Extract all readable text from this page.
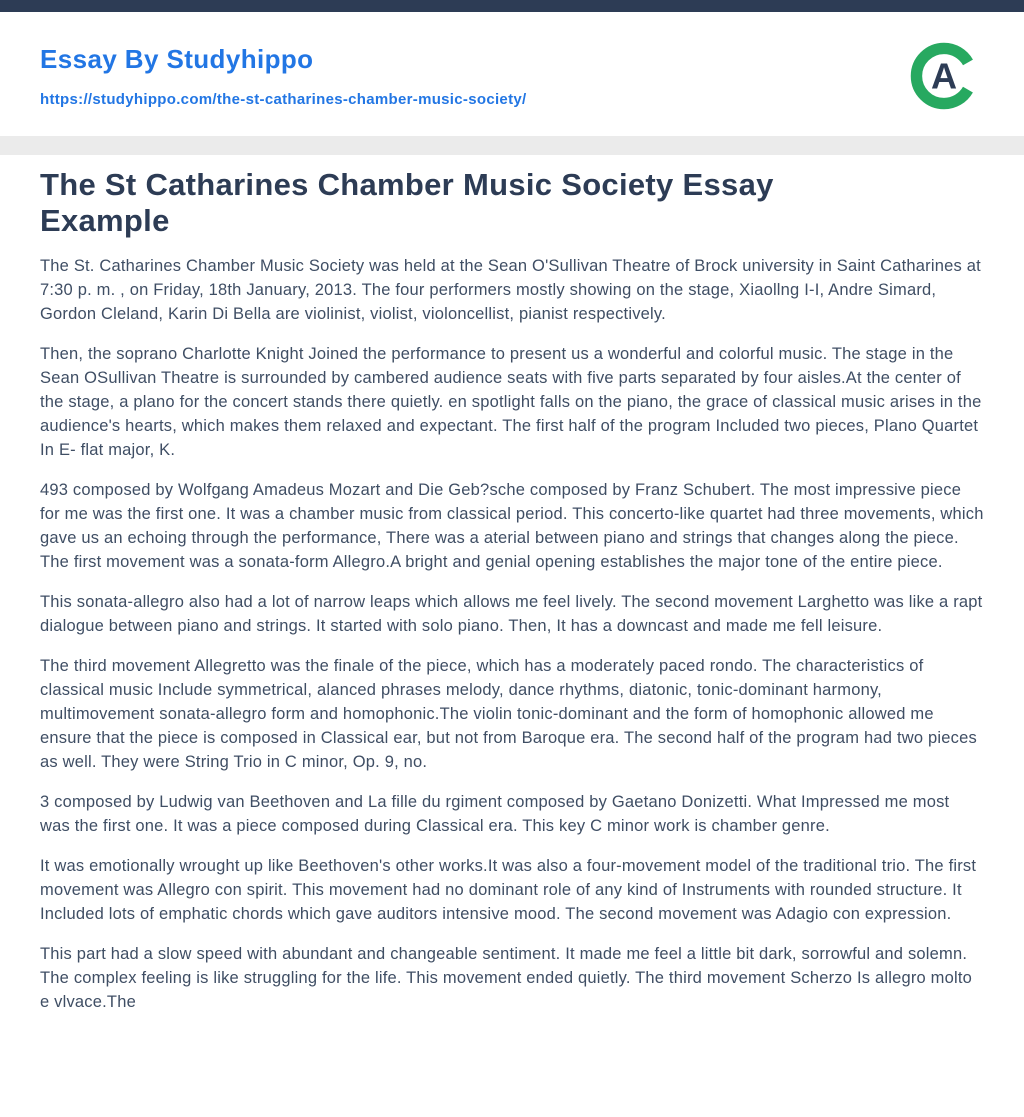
Essay By Studyhippo
https://studyhippo.com/the-st-catharines-chamber-music-society/
A
The St Catharines Chamber Music Society Essay Example

The St. Catharines Chamber Music Society was held at the Sean O'Sullivan Theatre of Brock university in Saint Catharines at 7:30 p. m. , on Friday, 18th January, 2013. The four performers mostly showing on the stage, Xiaollng I-I, Andre Simard, Gordon Cleland, Karin Di Bella are violinist, violist, violoncellist, pianist respectively.

Then, the soprano Charlotte Knight Joined the performance to present us a wonderful and colorful music. The stage in the Sean OSullivan Theatre is surrounded by cambered audience seats with five parts separated by four aisles.At the center of the stage, a plano for the concert stands there quietly. en spotlight falls on the piano, the grace of classical music arises in the audience's hearts, which makes them relaxed and expectant. The first half of the program Included two pieces, Plano Quartet In E- flat major, K.

493 composed by Wolfgang Amadeus Mozart and Die Geb?sche composed by Franz Schubert. The most impressive piece for me was the first one. It was a chamber music from classical period. This concerto-like quartet had three movements, which gave us an echoing through the performance, There was a aterial between piano and strings that changes along the piece. The first movement was a sonata-form Allegro.A bright and genial opening establishes the major tone of the entire piece.

This sonata-allegro also had a lot of narrow leaps which allows me feel lively. The second movement Larghetto was like a rapt dialogue between piano and strings. It started with solo piano. Then, It has a downcast and made me fell leisure.

The third movement Allegretto was the finale of the piece, which has a moderately paced rondo. The characteristics of classical music Include symmetrical, alanced phrases melody, dance rhythms, diatonic, tonic-dominant harmony, multimovement sonata-allegro form and homophonic.The violin tonic-dominant and the form of homophonic allowed me ensure that the piece is composed in Classical ear, but not from Baroque era. The second half of the program had two pieces as well. They were String Trio in C minor, Op. 9, no.

3 composed by Ludwig van Beethoven and La fille du rgiment composed by Gaetano Donizetti. What Impressed me most was the first one. It was a piece composed during Classical era. This key C minor work is chamber genre.

It was emotionally wrought up like Beethoven's other works.It was also a four-movement model of the traditional trio. The first movement was Allegro con spirit. This movement had no dominant role of any kind of Instruments with rounded structure. It Included lots of emphatic chords which gave auditors intensive mood. The second movement was Adagio con expression.

This part had a slow speed with abundant and changeable sentiment. It made me feel a little bit dark, sorrowful and solemn. The complex feeling is like struggling for the life. This movement ended quietly. The third movement Scherzo Is allegro molto e vlvace.The
